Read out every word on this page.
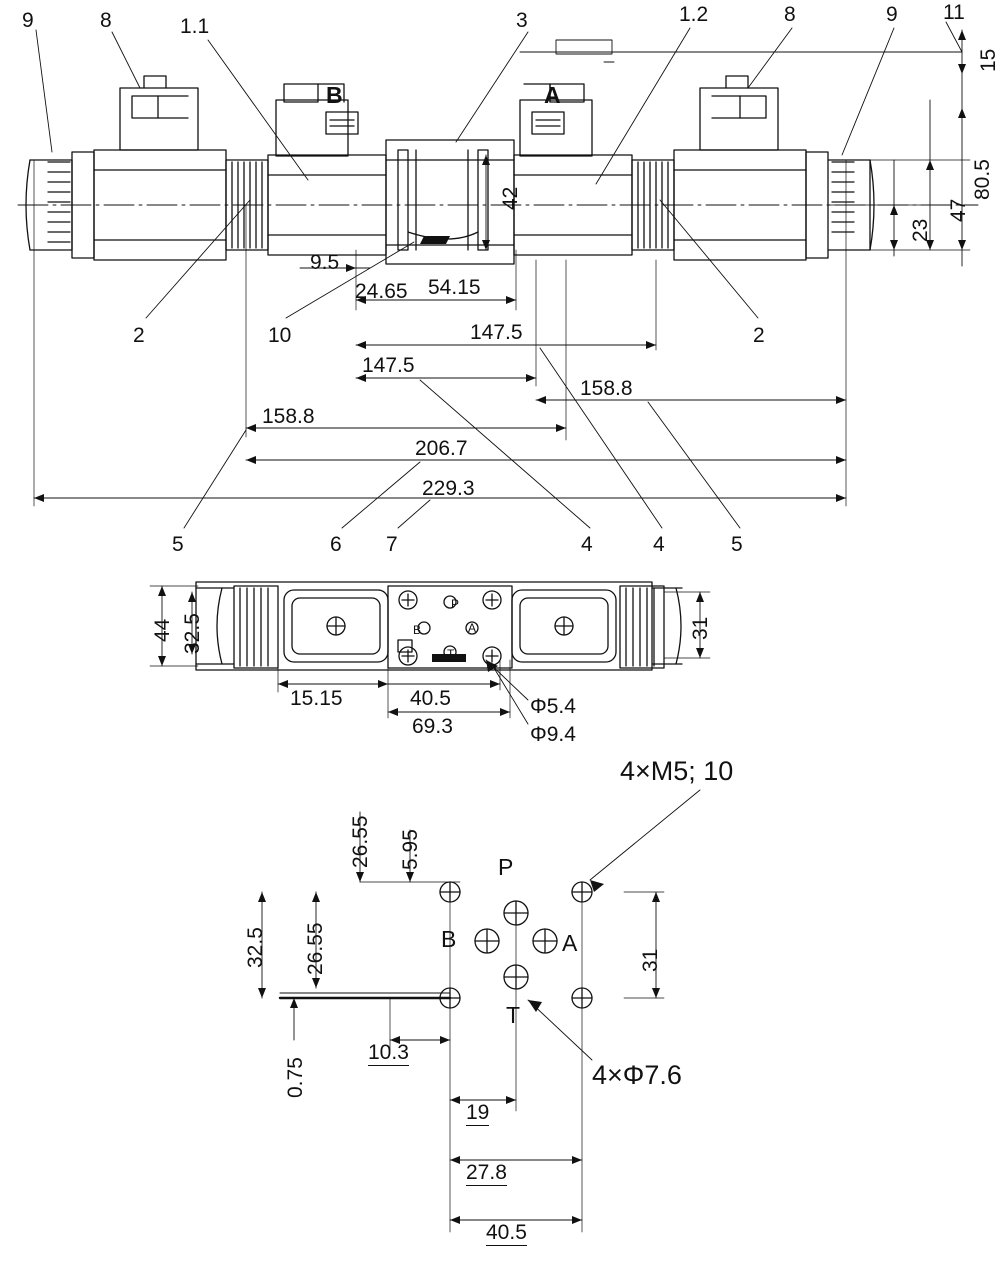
9	8	1.1	3	1.2	8	9 11
2	10	2
5	6 7	4	4	5
B	A
15
80.5
47
23
42
9.5
24.65 54.15
147.5
147.5
158.8
158.8
206.7
229.3
P
B	A
T
44 32.5	31
15.15	40.5
69.3
Φ5.4
Φ9.4
4×M5; 10
4×Φ7.6
P
B	A
T
26.55 5.95
26.55
32.5	31
0.75
10.3
19
27.8
40.5
